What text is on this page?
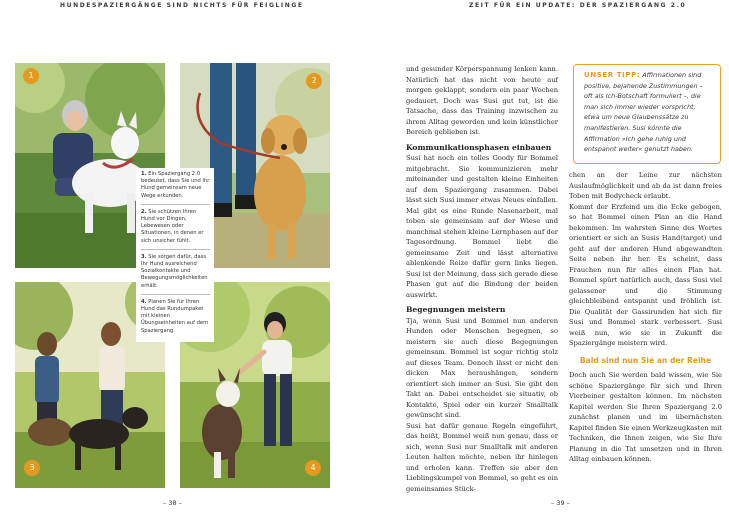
HUNDESPAZIERGÄNGE SIND NICHTS FÜR FEIGLINGE
1
2
3	4

1. Ein Spaziergang 2.0 bedeutet, dass Sie und Ihr Hund gemeinsam neue Wege erkunden.

2. Sie schützen Ihren Hund vor Dingen, Lebewesen oder Situationen, in denen er sich unsicher fühlt.

3. Sie sorgen dafür, dass Ihr Hund ausreichend Sozialkontakte und Bewegungsmöglichkeiten erhält.

4. Planen Sie für Ihren Hund das Rundumpaket mit kleinen Übungseinheiten auf dem Spaziergang.

– 38 –
ZEIT FÜR EIN UPDATE: DER SPAZIERGANG 2.0

und gesunder Körperspannung lenken kann. Natürlich hat das nicht von heute auf morgen geklappt, sondern ein paar Wochen gedauert. Doch was Susi gut tut, ist die Tatsache, dass das Training inzwischen zu ihrem Alltag geworden und kein künstlicher Bereich geblieben ist.

Kommunikationsphasen einbauen

Susi hat noch ein tolles Goody für Bommel mitgebracht. Sie kommunizieren mehr miteinander und gestalten kleine Einheiten auf dem Spaziergang zusammen. Dabei lässt sich Susi immer etwas Neues einfallen. Mal gibt es eine Runde Nasenarbeit, mal toben sie gemeinsam auf der Wiese und manchmal stehen kleine Lernphasen auf der Tagesordnung. Bommel liebt die gemeinsame Zeit und lässt alternative ablenkende Reize dafür gern links liegen. Susi ist der Meinung, dass sich gerade diese Phasen gut auf die Bindung der beiden auswirkt.

Begegnungen meistern

Tja, wenn Susi und Bommel nun anderen Hunden oder Menschen begegnen, so meistern sie auch diese Begegnungen gemeinsam. Bommel ist sogar richtig stolz auf dieses Team. Denoch lässt er nicht den dicken Max heraushängen, sondern orientiert sich immer an Susi. Sie gibt den Takt an. Dabei entscheidet sie situativ, ob Kontakte, Spiel oder ein kurzer Smalltalk gewünscht sind.

Susi hat dafür genaue Regeln eingeführt, das heißt, Bommel weiß nun genau, dass er sich, wenn Susi nur Smalltalk mit anderen Leuten halten möchte, neben ihr hinlegen und erholen kann. Treffen sie aber den Lieblingskumpel von Bommel, so geht es ein gemeinsames Stück-

UNSER TIPP: Affirmationen sind positive, bejahende Zustimmungen – oft als Ich-Botschaft formuliert –, die man sich immer wieder vorspricht, etwa um neue Glaubenssätze zu manifestieren. Susi könnte die Affirmation »Ich gehe ruhig und entspannt weiter« genutzt haben.

chen an der Leine zur nächsten Auslaufmöglichkeit und ab da ist dann freies Toben mit Bodycheck erlaubt.

Kommt der Erzfeind um die Ecke gebogen, so hat Bommel einen Plan an die Hand bekommen. Im wahrsten Sinne des Wortes orientiert er sich an Susis Hand(target) und geht auf der anderen Hund abgewandten Seite neben ihr her. Es scheint, dass Frauchen nun für alles einen Plan hat. Bommel spürt natürlich auch, dass Susi viel gelassener und die Stimmung gleichbleibend entspannt und fröhlich ist. Die Qualität der Gassirunden hat sich für Susi und Bommel stark verbessert. Susi weiß nun, wie sie in Zukunft die Spaziergänge meistern wird.

Bald sind nun Sie an der Reihe

Doch auch Sie werden bald wissen, wie Sie schöne Spaziergänge für sich und Ihren Vierbeiner gestalten können. Im nächsten Kapitel werden Sie Ihren Spaziergang 2.0 zunächst planen und im übernächsten Kapitel finden Sie einen Werkzeugkasten mit Techniken, die Ihnen zeigen, wie Sie Ihre Planung in die Tat umsetzen und in Ihren Alltag einbauen können.

– 39 –
